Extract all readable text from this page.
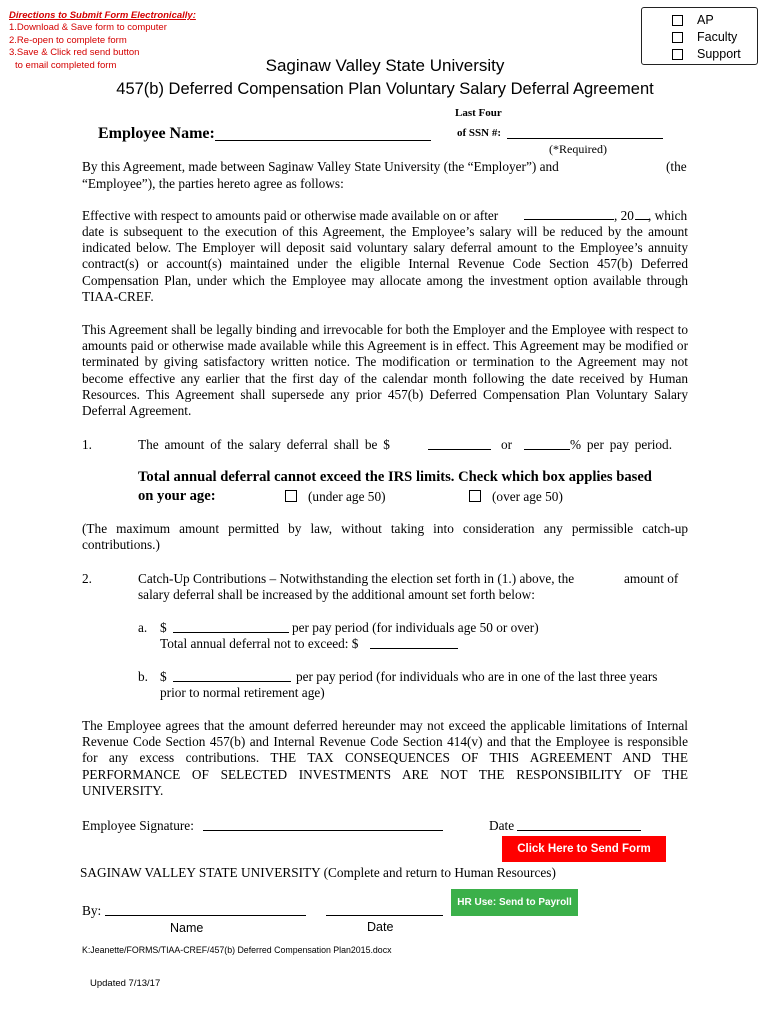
Directions to Submit Form Electronically:
1.Download & Save form to computer
2.Re-open to complete form
3.Save & Click red send button
to email completed form
AP
Faculty
Support
Saginaw Valley State University
457(b) Deferred Compensation Plan Voluntary Salary Deferral Agreement
Last Four
of SSN #:
Employee Name:
(*Required)
By this Agreement, made between Saginaw Valley State University (the “Employer”) and	(the
“Employee”), the parties hereto agree as follows:
Effective with respect to amounts paid or otherwise made available on or after	, 20 , which
date is subsequent to the execution of this Agreement, the Employee’s salary will be reduced by the amount indicated below. The Employer will deposit said voluntary salary deferral amount to the Employee’s annuity contract(s) or account(s) maintained under the eligible Internal Revenue Code Section 457(b) Deferred Compensation Plan, under which the Employee may allocate among the investment option available through TIAA-CREF.
This Agreement shall be legally binding and irrevocable for both the Employer and the Employee with respect to amounts paid or otherwise made available while this Agreement is in effect. This Agreement may be modified or terminated by giving satisfactory written notice. The modification or termination to the Agreement may not become effective any earlier that the first day of the calendar month following the date received by Human Resources. This Agreement shall supersede any prior 457(b) Deferred Compensation Plan Voluntary Salary Deferral Agreement.
1.	The amount of the salary deferral shall be $	or	% per pay period.
Total annual deferral cannot exceed the IRS limits. Check which box applies based
on your age:	(under age 50)	(over age 50)
(The maximum amount permitted by law, without taking into consideration any permissible catch-up contributions.)
2.	Catch-Up Contributions – Notwithstanding the election set forth in (1.) above, the	amount of
salary deferral shall be increased by the additional amount set forth below:
a. $	per pay period (for individuals age 50 or over)
Total annual deferral not to exceed: $
b. $	per pay period (for individuals who are in one of the last three years
prior to normal retirement age)
The Employee agrees that the amount deferred hereunder may not exceed the applicable limitations of Internal Revenue Code Section 457(b) and Internal Revenue Code Section 414(v) and that the Employee is responsible for any excess contributions. THE TAX CONSEQUENCES OF THIS AGREEMENT AND THE PERFORMANCE OF SELECTED INVESTMENTS ARE NOT THE RESPONSIBILITY OF THE UNIVERSITY.
Employee Signature:	Date
Click Here to Send Form
SAGINAW VALLEY STATE UNIVERSITY (Complete and return to Human Resources)
HR Use: Send to Payroll
By:
Name	Date
K:Jeanette/FORMS/TIAA-CREF/457(b) Deferred Compensation Plan2015.docx
Updated 7/13/17
